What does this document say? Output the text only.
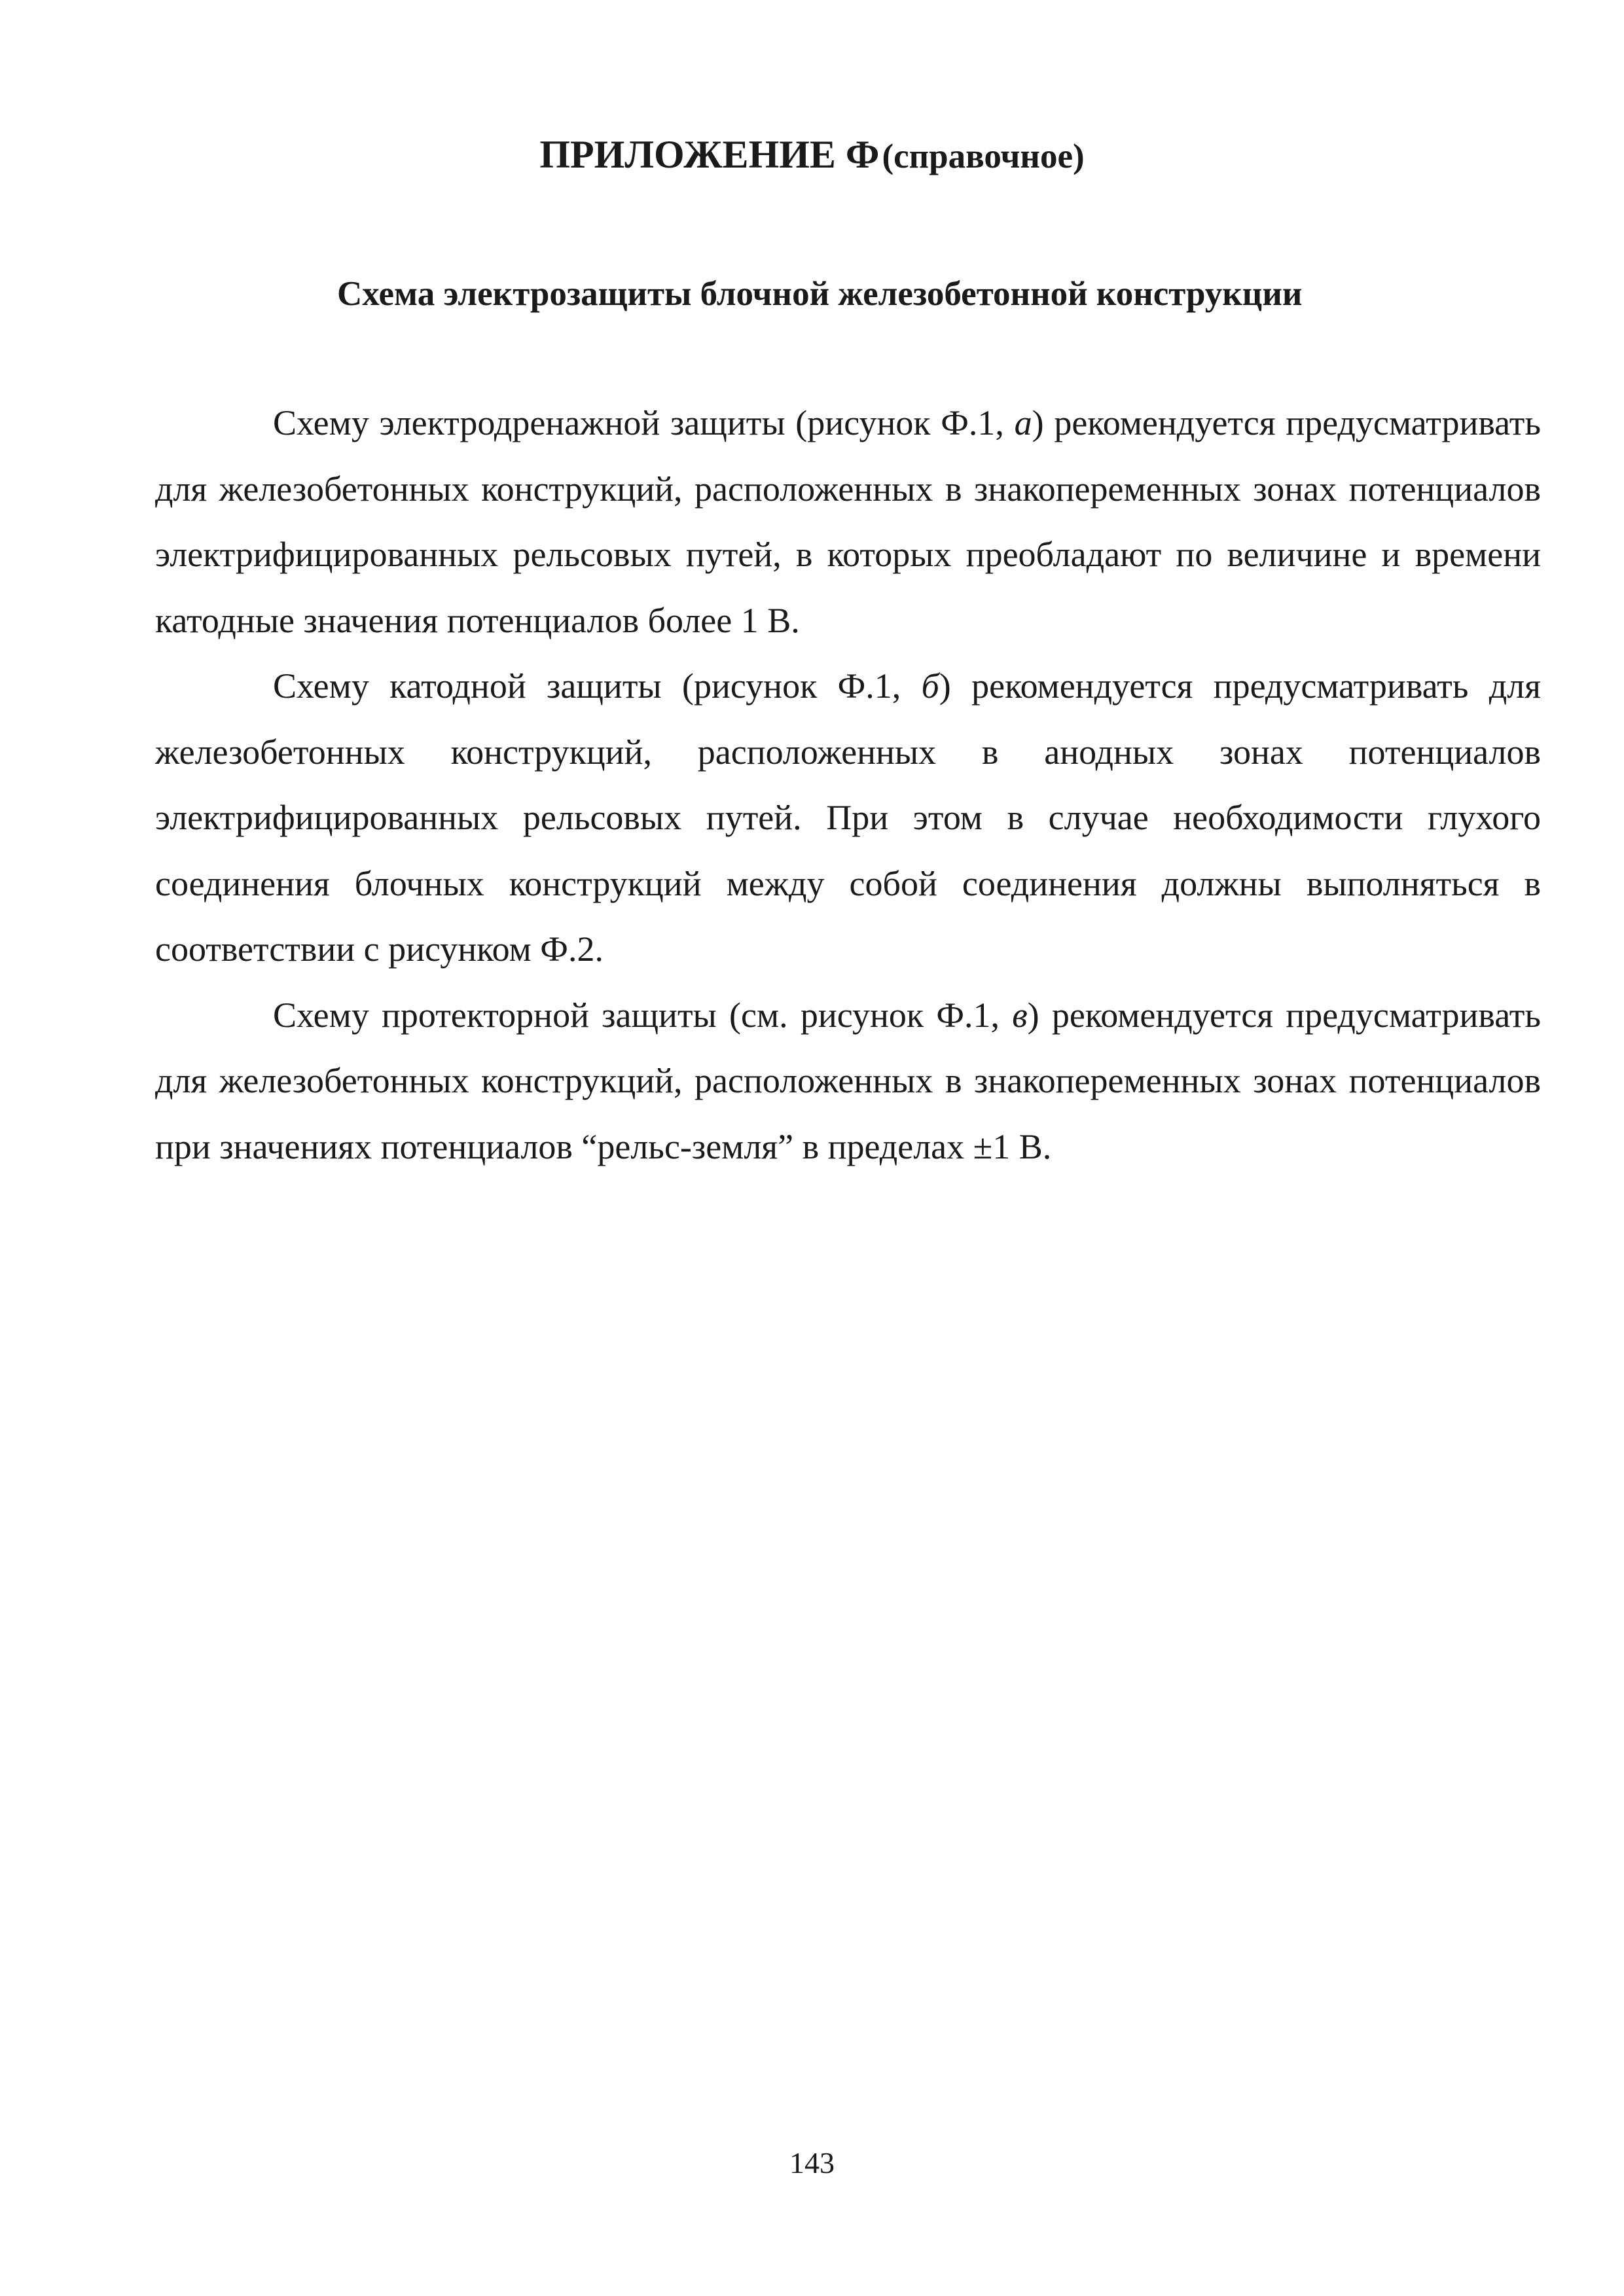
ПРИЛОЖЕНИЕ Ф (справочное)
Схема электрозащиты блочной железобетонной конструкции

Схему электродренажной защиты (рисунок Ф.1, а) рекомендуется предусматривать для железобетонных конструкций, расположенных в знакопеременных зонах потенциалов электрифицированных рельсовых путей, в которых преобладают по величине и времени катодные значения потенциалов более 1 В.

Схему катодной защиты (рисунок Ф.1, б) рекомендуется предусматривать для железобетонных конструкций, расположенных в анодных зонах потенциалов электрифицированных рельсовых путей. При этом в случае необходимости глухого соединения блочных конструкций между собой соединения должны выполняться в соответствии с рисунком Ф.2.

Схему протекторной защиты (см. рисунок Ф.1, в) рекомендуется предусматривать для железобетонных конструкций, расположенных в знакопеременных зонах потенциалов при значениях потенциалов “рельс-земля” в пределах ±1 В.

143
